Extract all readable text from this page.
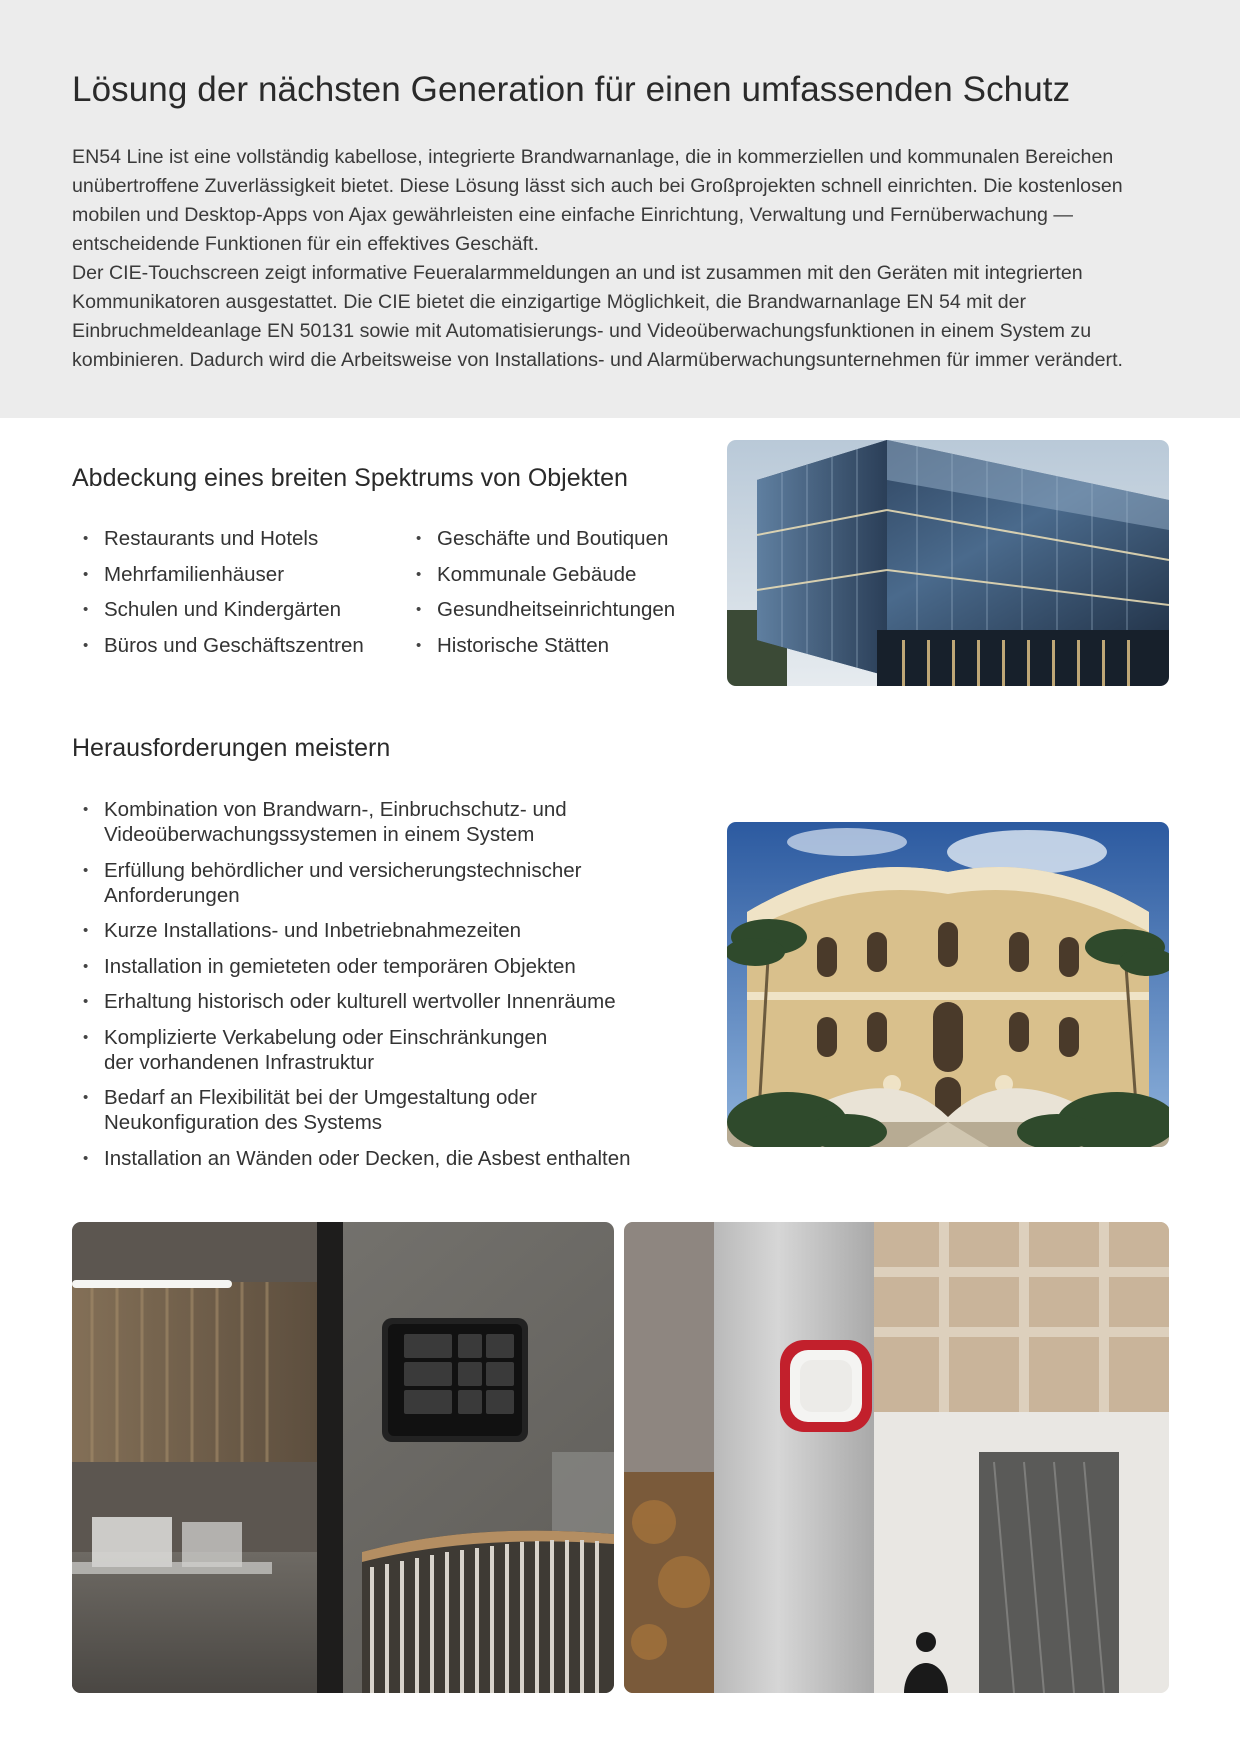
Lösung der nächsten Generation für einen umfassenden Schutz

EN54 Line ist eine vollständig kabellose, integrierte Brandwarnanlage, die in kommerziellen und kommunalen Bereichen unübertroffene Zuverlässigkeit bietet. Diese Lösung lässt sich auch bei Großprojekten schnell einrichten. Die kostenlosen mobilen und Desktop-Apps von Ajax gewährleisten eine einfache Einrichtung, Verwaltung und Fernüberwachung — entscheidende Funktionen für ein effektives Geschäft.

Der CIE-Touchscreen zeigt informative Feueralarmmeldungen an und ist zusammen mit den Geräten mit integrierten Kommunikatoren ausgestattet. Die CIE bietet die einzigartige Möglichkeit, die Brandwarnanlage EN 54 mit der Einbruchmeldeanlage EN 50131 sowie mit Automatisierungs- und Videoüberwachungsfunktionen in einem System zu kombinieren. Dadurch wird die Arbeitsweise von Installations- und Alarmüberwachungsunternehmen für immer verändert.

Abdeckung eines breiten Spektrums von Objekten
• Restaurants und Hotels
• Mehrfamilienhäuser
• Schulen und Kindergärten
• Büros und Geschäftszentren
• Geschäfte und Boutiquen
• Kommunale Gebäude
• Gesundheitseinrichtungen
• Historische Stätten
Herausforderungen meistern
• Kombination von Brandwarn-, Einbruchschutz- und
Videoüberwachungssystemen in einem System
• Erfüllung behördlicher und versicherungstechnischer
Anforderungen
• Kurze Installations- und Inbetriebnahmezeiten
• Installation in gemieteten oder temporären Objekten
• Erhaltung historisch oder kulturell wertvoller Innenräume
• Komplizierte Verkabelung oder Einschränkungen
der vorhandenen Infrastruktur
• Bedarf an Flexibilität bei der Umgestaltung oder
Neukonfiguration des Systems
• Installation an Wänden oder Decken, die Asbest enthalten
